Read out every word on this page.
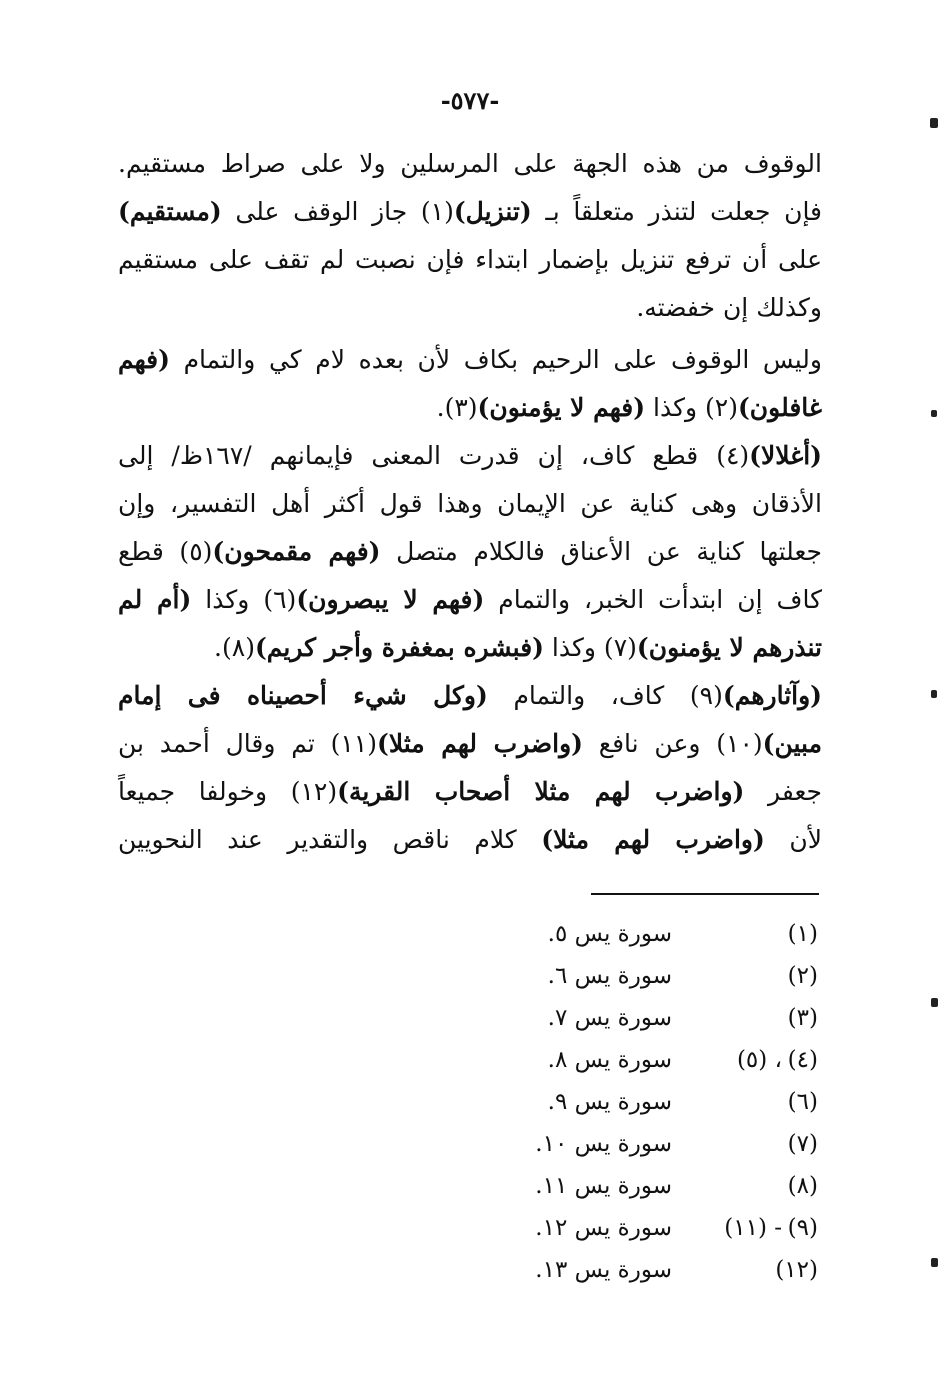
-٥٧٧-
الوقوف من هذه الجهة على المرسلين ولا على صراط مستقيم.
فإن جعلت لتنذر متعلقاً بـ (تنزيل)(١) جاز الوقف على (مستقيم)
على أن ترفع تنزيل بإضمار ابتداء فإن نصبت لم تقف على مستقيم
وكذلك إن خفضته.
وليس الوقوف على الرحيم بكاف لأن بعده لام كي والتمام (فهم
غافلون)(٢) وكذا (فهم لا يؤمنون)(٣).
(أغلالا)(٤) قطع كاف، إن قدرت المعنى فإيمانهم /١٦٧ظ/ إلى
الأذقان وهى كناية عن الإيمان وهذا قول أكثر أهل التفسير، وإن
جعلتها كناية عن الأعناق فالكلام متصل (فهم مقمحون)(٥) قطع
كاف إن ابتدأت الخبر، والتمام (فهم لا يبصرون)(٦) وكذا (أم لم
تنذرهم لا يؤمنون)(٧) وكذا (فبشره بمغفرة وأجر كريم)(٨).
(وآثارهم)(٩) كاف، والتمام (وكل شيء أحصيناه فى إمام
مبين)(١٠) وعن نافع (واضرب لهم مثلا)(١١) تم وقال أحمد بن
جعفر (واضرب لهم مثلا أصحاب القرية)(١٢) وخولفا جميعاً
لأن (واضرب لهم مثلا) كلام ناقص والتقدير عند النحويين
(١)
سورة يس ٥.
(٢)
سورة يس ٦.
(٣)
سورة يس ٧.
(٤)
، (٥)
سورة يس ٨.
(٦)
سورة يس ٩.
(٧)
سورة يس ١٠.
(٨)
سورة يس ١١.
(٩)
- (١١)
سورة يس ١٢.
(١٢)
سورة يس ١٣.
